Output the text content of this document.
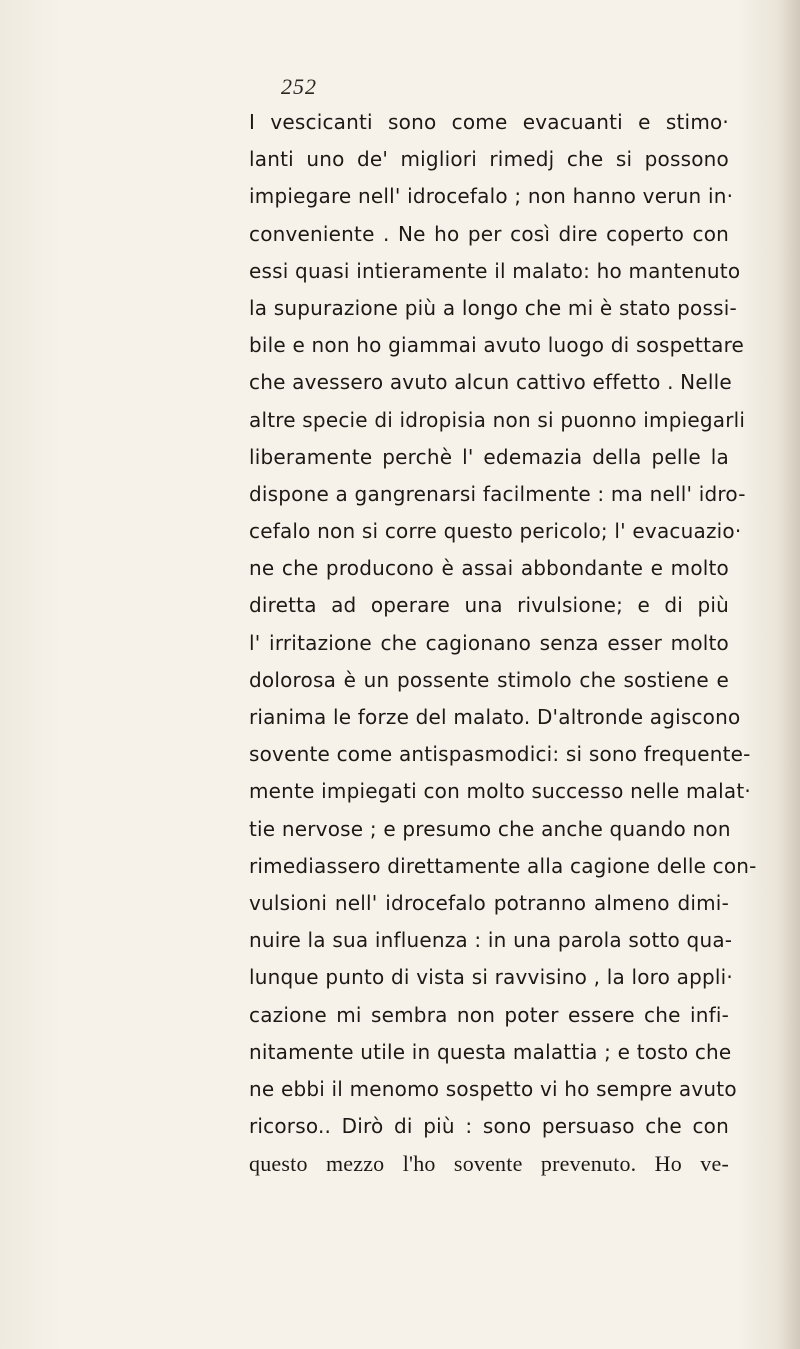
252
I vescicanti sono come evacuanti e stimo·
lanti uno de' migliori rimedj che si possono
impiegare nell' idrocefalo ; non hanno verun in·
conveniente . Ne ho per così dire coperto con
essi quasi intieramente il malato: ho mantenuto
la supurazione più a longo che mi è stato possi-
bile e non ho giammai avuto luogo di sospettare
che avessero avuto alcun cattivo effetto . Nelle
altre specie di idropisia non si puonno impiegarli
liberamente perchè l' edemazia della pelle la
dispone a gangrenarsi facilmente : ma nell' idro-
cefalo non si corre questo pericolo; l' evacuazio·
ne che producono è assai abbondante e molto
diretta ad operare una rivulsione; e di più
l' irritazione che cagionano senza esser molto
dolorosa è un possente stimolo che sostiene e
rianima le forze del malato. D'altronde agiscono
sovente come antispasmodici: si sono frequente-
mente impiegati con molto successo nelle malat·
tie nervose ; e presumo che anche quando non
rimediassero direttamente alla cagione delle con-
vulsioni nell' idrocefalo potranno almeno dimi-
nuire la sua influenza : in una parola sotto qua-
lunque punto di vista si ravvisino , la loro appli·
cazione mi sembra non poter essere che infi-
nitamente utile in questa malattia ; e tosto che
ne ebbi il menomo sospetto vi ho sempre avuto
ricorso.. Dirò di più : sono persuaso che con
questo mezzo l'ho sovente prevenuto. Ho ve-
